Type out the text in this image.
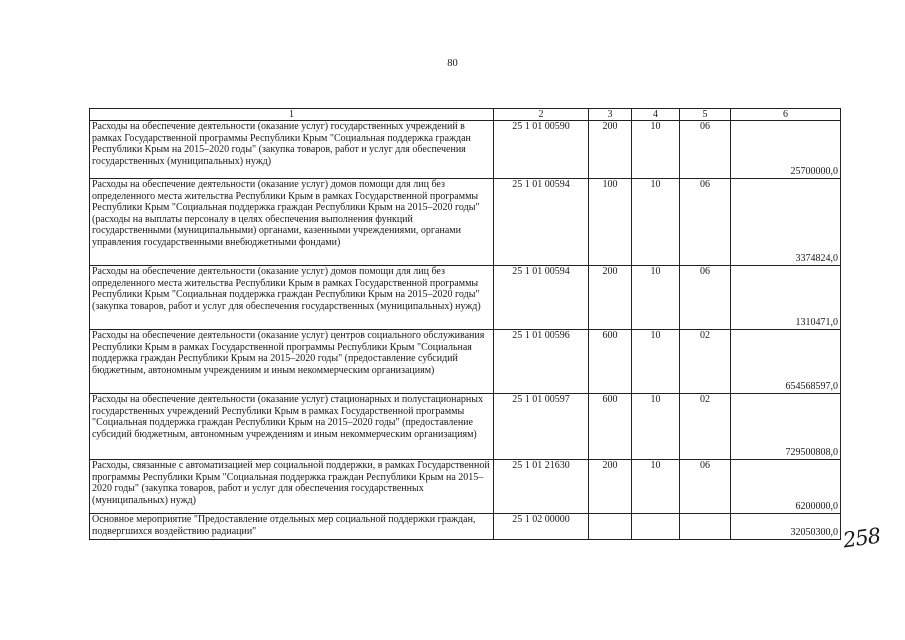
80
1	2	3	4	5	6
Расходы на обеспечение деятельности (оказание услуг) государственных учреждений в рамках Государственной программы Республики Крым "Социальная поддержка граждан Республики Крым на 2015–2020 годы" (закупка товаров, работ и услуг для обеспечения государственных (муниципальных) нужд)	25 1 01 00590	200	10	06	25700000,0
Расходы на обеспечение деятельности (оказание услуг) домов помощи для лиц без определенного места жительства Республики Крым в рамках Государственной программы Республики Крым "Социальная поддержка граждан Республики Крым на 2015–2020 годы" (расходы на выплаты персоналу в целях обеспечения выполнения функций государственными (муниципальными) органами, казенными учреждениями, органами управления государственными внебюджетными фондами)	25 1 01 00594	100	10	06	3374824,0
Расходы на обеспечение деятельности (оказание услуг) домов помощи для лиц без определенного места жительства Республики Крым в рамках Государственной программы Республики Крым "Социальная поддержка граждан Республики Крым на 2015–2020 годы" (закупка товаров, работ и услуг для обеспечения государственных (муниципальных) нужд)	25 1 01 00594	200	10	06	1310471,0
Расходы на обеспечение деятельности (оказание услуг) центров социального обслуживания Республики Крым в рамках Государственной программы Республики Крым "Социальная поддержка граждан Республики Крым на 2015–2020 годы" (предоставление субсидий бюджетным, автономным учреждениям и иным некоммерческим организациям)	25 1 01 00596	600	10	02	654568597,0
Расходы на обеспечение деятельности (оказание услуг) стационарных и полустационарных государственных учреждений Республики Крым в рамках Государственной программы "Социальная поддержка граждан Республики Крым на 2015–2020 годы" (предоставление субсидий бюджетным, автономным учреждениям и иным некоммерческим организациям)	25 1 01 00597	600	10	02	729500808,0
Расходы, связанные с автоматизацией мер социальной поддержки, в рамках Государственной программы Республики Крым "Социальная поддержка граждан Республики Крым на 2015–2020 годы" (закупка товаров, работ и услуг для обеспечения государственных (муниципальных) нужд)	25 1 01 21630	200	10	06	6200000,0
Основное мероприятие "Предоставление отдельных мер социальной поддержки граждан, подвергшихся воздействию радиации"	25 1 02 00000				32050300,0 258
